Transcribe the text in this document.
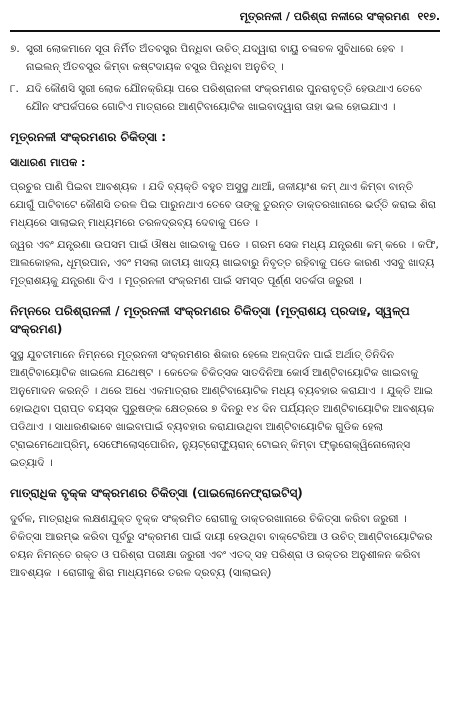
ମୂତ୍ରନଳୀ / ପରିଶ୍ରା ନଳୀରେ ସଂକ୍ରମଣ ୧୧୭.
୭. ସ୍ତ୍ରୀ ଲୋକମାନେ ସୂତା ନିର୍ମିତ ଅଁତବସ୍ତ୍ର ପିନ୍ଧିବା ଉଚିତ୍ ଯଦ୍ୱାରା ବାୟୁ ଚଳାଚଳ ସୁବିଧାରେ ହେବ । ନାଇଲନ୍ ଅଁତବସ୍ତ୍ର କିମ୍ବା କଷ୍ଟଦାୟକ ବସ୍ତ୍ର ପିନ୍ଧିବା ଅନୁଚିତ୍ ।

୮. ଯଦି କୌଣସି ସ୍ତ୍ରୀ ଲୋକ ଯୌନକ୍ରିୟା ପରେ ପରିଶ୍ରାନଳୀ ସଂକ୍ରମଣର ପୁନରାବୃତ୍ତି ହେଉଥାଏ ତେବେ ଯୌନ ସଂପର୍କପରେ ଗୋଟିଏ ମାତ୍ରାରେ ଆଣ୍ଟିବାୟୋଟିକ ଖାଇବାଦ୍ୱାରା ତାହା ଭଲ ହୋଇଯାଏ ।

ମୂତ୍ରନଳୀ ସଂକ୍ରମଣର ଚିକିତ୍ସା :
ସାଧାରଣ ମାପକ :

ପ୍ରଚୁର ପାଣି ପିଇବା ଆବଶ୍ୟକ । ଯଦି ବ୍ୟକ୍ତି ବହୁତ ଅସୁସ୍ଥ ଥାଆଁ, ଜଳୀୟାଂଶ କମ୍ ଥାଏ କିମ୍ବା ବାନ୍ତି ଯୋଗୁଁ ପାଟିବାଟେ କୌଣସି ତରଳ ପିଇ ପାରୁନଥାଏ ତେବେ ତାଙ୍କୁ ତୁରନ୍ତ ଡାକ୍ତରଖାନାରେ ଭର୍ତ୍ତି କରାଇ ଶିରା ମଧ୍ୟରେ ସାଲାଇନ୍ ମାଧ୍ୟମରେ ତରଳଦ୍ରବ୍ୟ ଦେବାକୁ ପଡେ ।

ଜ୍ୱର ଏବଂ ଯନ୍ତ୍ରଣା ଉପସମ ପାଇଁ ଔଷଧ ଖାଇବାକୁ ପଡେ । ଗରମ ସେକ ମଧ୍ୟ ଯନ୍ତ୍ରଣା କମ୍ କରେ । କଫି, ଆଲକୋହଲ, ଧୂମ୍ରପାନ, ଏବଂ ମସଲା ଜାତୀୟ ଖାଦ୍ୟ ଖାଇବାରୁ ନିବୃତ୍ତ ରହିବାକୁ ପଡେ କାରଣ ଏସବୁ ଖାଦ୍ୟ ମୂତ୍ରାଶୟକୁ ଯନ୍ତ୍ରଣା ଦିଏ । ମୂତ୍ରନଳୀ ସଂକ୍ରମଣ ପାଇଁ ସମସ୍ତ ପୂର୍ଣ୍ଣ ସତର୍କତା ଜରୁରୀ ।

ନିମ୍ନରେ ପରିଶ୍ରାନଳୀ / ମୂତ୍ରନଳୀ ସଂକ୍ରମଣର ଚିକିତ୍ସା (ମୂତ୍ରାଶୟ ପ୍ରଦାହ, ସ୍ୱଳ୍ପ ସଂକ୍ରମଣ)

ସୁସ୍ଥ ଯୁବତୀମାନେ ନିମ୍ନରେ ମୂତ୍ରନଳୀ ସଂକ୍ରମଣର ଶିକାର ହେଲେ ଅଳ୍ପଦିନ ପାଇଁ ଅର୍ଥାତ୍ ତିନିଦିନ ଆଣ୍ଟିବାୟୋଟିକ ଖାଇଲେ ଯଥେଷ୍ଟ । କେତେକ ଚିକିତ୍ସକ ସାତଦିନିଆ କୋର୍ସ ଆଣ୍ଟିବାୟୋଟିକ ଖାଇବାକୁ ଅନୁମୋଦନ କରନ୍ତି । ଥରେ ଅଧେ ଏକମାତ୍ରାର ଆଣ୍ଟିବାୟୋଟିକ ମଧ୍ୟ ବ୍ୟବହାର କରାଯାଏ । ଯୁକ୍ତି ଆଇ ହୋଇଥିବା ପ୍ରାପ୍ତ ବୟସ୍କ ପୁରୁଷଙ୍କ କ୍ଷେତ୍ରରେ ୭ ଦିନରୁ ୧୪ ଦିନ ପର୍ଯ୍ୟନ୍ତ ଆଣ୍ଟିବାୟୋଟିକ ଆବଶ୍ୟକ ପଡିଥାଏ । ସାଧାରଣଭାବେ ଖାଇବାପାଇଁ ବ୍ୟବହାର କରାଯାଉଥିବା ଆଣ୍ଟିବାୟୋଟିକ ଗୁଡିକ ହେଲା ଟ୍ରାଇମେଥୋପ୍ରିମ୍, ସେଫୋଲୋସ୍ପୋରିନ, ନ୍ୟୁଟ୍ରୋଫ୍ୟୁରାନ୍ ଟୋଇନ୍ କିମ୍ବା ଫ୍ଲୁରୋକ୍ୱିନୋଲୋନ୍ସ ଇତ୍ୟାଦି ।

ମାତ୍ରାଧିକ ବୃକ୍କ ସଂକ୍ରମଣର ଚିକିତ୍ସା (ପାଇଲୋନେଫ୍ରାଇଟିସ୍)

ଦୁର୍ବଳ, ମାତ୍ରାଧିକ ଲକ୍ଷଣଯୁକ୍ତ ବୃକ୍କ ସଂକ୍ରମିତ ରୋଗୀକୁ ଡାକ୍ତରଖାନାରେ ଚିକିତ୍ସା କରିବା ଜରୁରୀ । ଚିକିତ୍ସା ଆରମ୍ଭ କରିବା ପୂର୍ବରୁ ସଂକ୍ରମଣ ପାଇଁ ଦାୟୀ ହେଉଥିବା ବାକ୍ଟେରିଆ ଓ ଉଚିତ୍ ଆଣ୍ଟିବାୟୋଟିକର ଚୟନ ନିମନ୍ତେ ରକ୍ତ ଓ ପରିଶ୍ରା ପରୀକ୍ଷା ଜରୁରୀ ଏବଂ ଏତଦ୍ ସହ ପରିଶ୍ରା ଓ ରକ୍ତର ଅନୁଶୀଳନ କରିବା ଆବଶ୍ୟକ । ରୋଗୀକୁ ଶିରା ମାଧ୍ୟମରେ ତରଳ ଦ୍ରବ୍ୟ (ସାଲାଇନ୍)
